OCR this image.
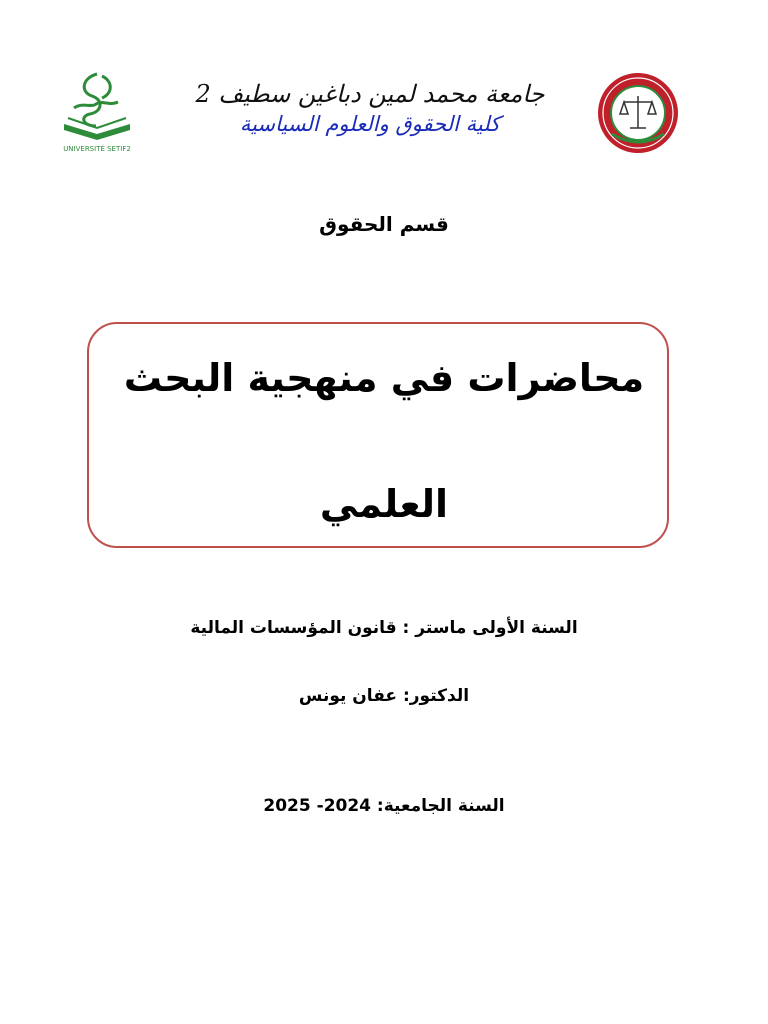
UNIVERSITÉ SETIF2
جامعة محمد لمين دباغين سطيف 2
كلية الحقوق والعلوم السياسية
قسم الحقوق
محاضرات في منهجية البحث
العلمي
السنة الأولى ماستر : قانون المؤسسات المالية
الدكتور: عفان يونس
السنة الجامعية: 2024- 2025
